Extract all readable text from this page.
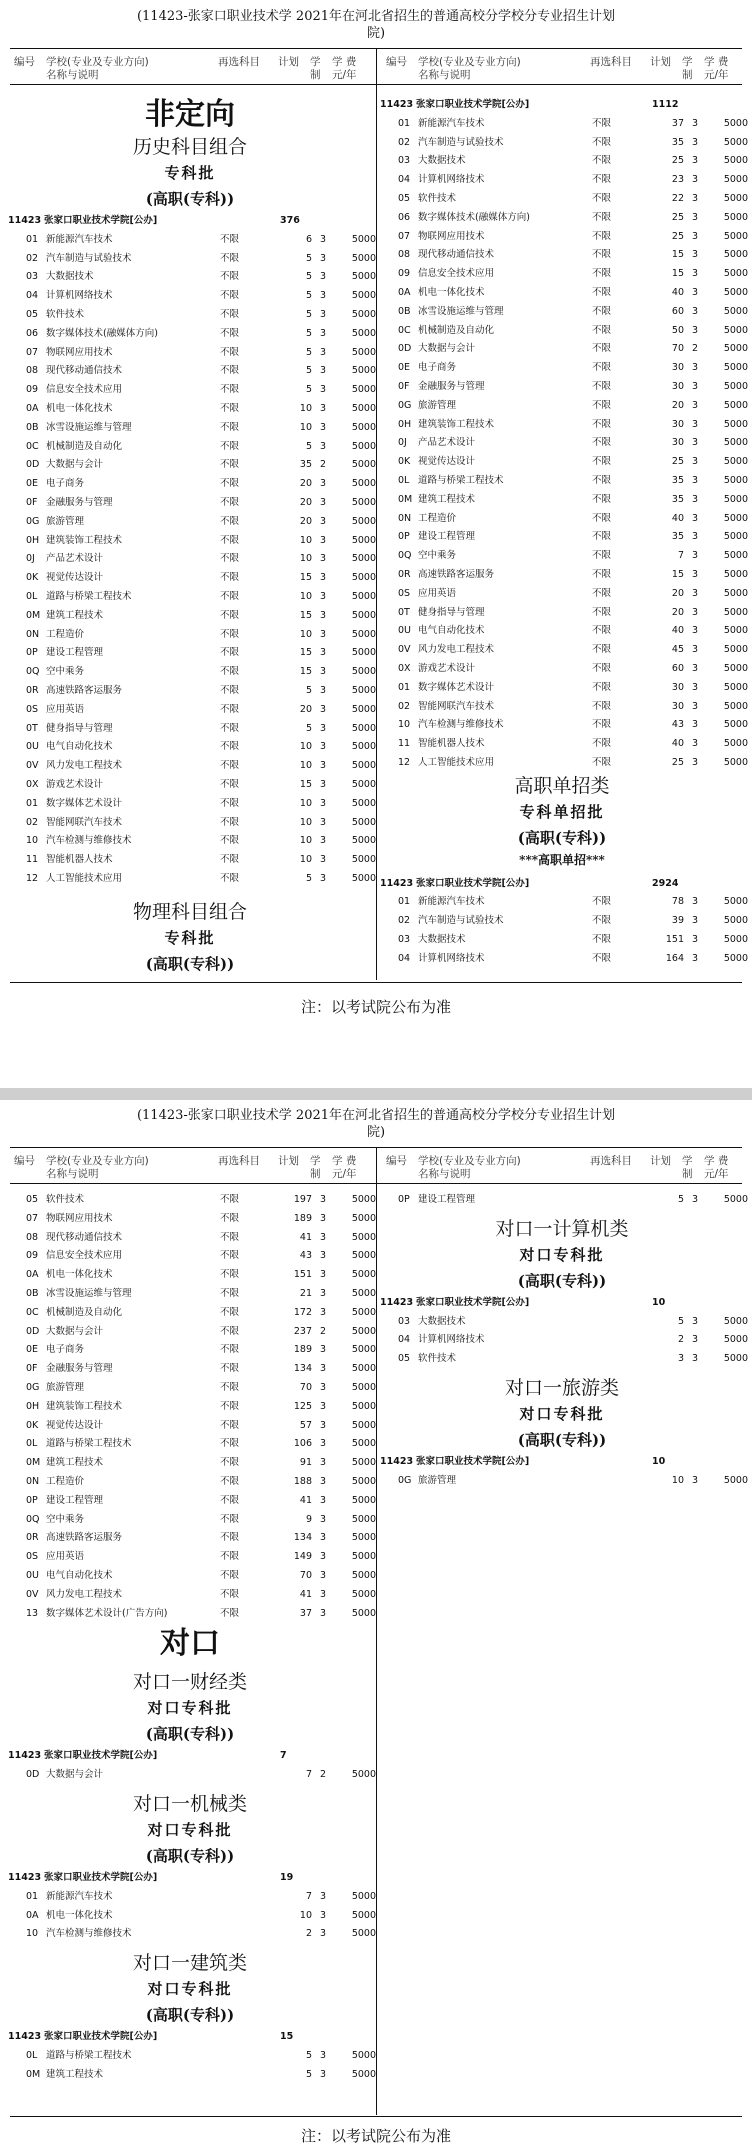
(11423-张家口职业技术学 2021年在河北省招生的普通高校分学校分专业招生计划
院)
编号 学校(专业及专业方向)
名称与说明
再选科目 计划 学
制
学 费
元/年
编号 学校(专业及专业方向)
名称与说明
再选科目 计划 学
制
学 费
元/年
非定向
历史科目组合
专科批
(高职(专科))
11423 张家口职业技术学院[公办]	376
01 新能源汽车技术	不限	6 3	5000
02 汽车制造与试验技术	不限	5 3	5000
03 大数据技术	不限	5 3	5000
04 计算机网络技术	不限	5 3	5000
05 软件技术	不限	5 3	5000
06 数字媒体技术(融媒体方向)	不限	5 3	5000
07 物联网应用技术	不限	5 3	5000
08 现代移动通信技术	不限	5 3	5000
09 信息安全技术应用	不限	5 3	5000
0A 机电一体化技术	不限	10 3	5000
0B 冰雪设施运维与管理	不限	10 3	5000
0C 机械制造及自动化	不限	5 3	5000
0D 大数据与会计	不限	35 2	5000
0E 电子商务	不限	20 3	5000
0F 金融服务与管理	不限	20 3	5000
0G 旅游管理	不限	20 3	5000
0H 建筑装饰工程技术	不限	10 3	5000
0J 产品艺术设计	不限	10 3	5000
0K 视觉传达设计	不限	15 3	5000
0L 道路与桥梁工程技术	不限	10 3	5000
0M 建筑工程技术	不限	15 3	5000
0N 工程造价	不限	10 3	5000
0P 建设工程管理	不限	15 3	5000
0Q 空中乘务	不限	15 3	5000
0R 高速铁路客运服务	不限	5 3	5000
0S 应用英语	不限	20 3	5000
0T 健身指导与管理	不限	5 3	5000
0U 电气自动化技术	不限	10 3	5000
0V 风力发电工程技术	不限	10 3	5000
0X 游戏艺术设计	不限	15 3	5000
01 数字媒体艺术设计	不限	10 3	5000
02 智能网联汽车技术	不限	10 3	5000
10 汽车检测与维修技术	不限	10 3	5000
11 智能机器人技术	不限	10 3	5000
12 人工智能技术应用	不限	5 3	5000
物理科目组合
专科批
(高职(专科))
11423 张家口职业技术学院[公办]	1112
01 新能源汽车技术	不限	37 3	5000
02 汽车制造与试验技术	不限	35 3	5000
03 大数据技术	不限	25 3	5000
04 计算机网络技术	不限	23 3	5000
05 软件技术	不限	22 3	5000
06 数字媒体技术(融媒体方向)	不限	25 3	5000
07 物联网应用技术	不限	25 3	5000
08 现代移动通信技术	不限	15 3	5000
09 信息安全技术应用	不限	15 3	5000
0A 机电一体化技术	不限	40 3	5000
0B 冰雪设施运维与管理	不限	60 3	5000
0C 机械制造及自动化	不限	50 3	5000
0D 大数据与会计	不限	70 2	5000
0E 电子商务	不限	30 3	5000
0F 金融服务与管理	不限	30 3	5000
0G 旅游管理	不限	20 3	5000
0H 建筑装饰工程技术	不限	30 3	5000
0J 产品艺术设计	不限	30 3	5000
0K 视觉传达设计	不限	25 3	5000
0L 道路与桥梁工程技术	不限	35 3	5000
0M 建筑工程技术	不限	35 3	5000
0N 工程造价	不限	40 3	5000
0P 建设工程管理	不限	35 3	5000
0Q 空中乘务	不限	7 3	5000
0R 高速铁路客运服务	不限	15 3	5000
0S 应用英语	不限	20 3	5000
0T 健身指导与管理	不限	20 3	5000
0U 电气自动化技术	不限	40 3	5000
0V 风力发电工程技术	不限	45 3	5000
0X 游戏艺术设计	不限	60 3	5000
01 数字媒体艺术设计	不限	30 3	5000
02 智能网联汽车技术	不限	30 3	5000
10 汽车检测与维修技术	不限	43 3	5000
11 智能机器人技术	不限	40 3	5000
12 人工智能技术应用	不限	25 3	5000
高职单招类
专科单招批
(高职(专科))
***高职单招***
11423 张家口职业技术学院[公办]	2924
01 新能源汽车技术	不限	78 3	5000
02 汽车制造与试验技术	不限	39 3	5000
03 大数据技术	不限	151 3	5000
04 计算机网络技术	不限	164 3	5000
注：以考试院公布为准
(11423-张家口职业技术学 2021年在河北省招生的普通高校分学校分专业招生计划
院)
编号 学校(专业及专业方向)
名称与说明
再选科目 计划 学
制
学 费
元/年
编号 学校(专业及专业方向)
名称与说明
再选科目 计划 学
制
学 费
元/年
05 软件技术	不限	197 3	5000
07 物联网应用技术	不限	189 3	5000
08 现代移动通信技术	不限	41 3	5000
09 信息安全技术应用	不限	43 3	5000
0A 机电一体化技术	不限	151 3	5000
0B 冰雪设施运维与管理	不限	21 3	5000
0C 机械制造及自动化	不限	172 3	5000
0D 大数据与会计	不限	237 2	5000
0E 电子商务	不限	189 3	5000
0F 金融服务与管理	不限	134 3	5000
0G 旅游管理	不限	70 3	5000
0H 建筑装饰工程技术	不限	125 3	5000
0K 视觉传达设计	不限	57 3	5000
0L 道路与桥梁工程技术	不限	106 3	5000
0M 建筑工程技术	不限	91 3	5000
0N 工程造价	不限	188 3	5000
0P 建设工程管理	不限	41 3	5000
0Q 空中乘务	不限	9 3	5000
0R 高速铁路客运服务	不限	134 3	5000
0S 应用英语	不限	149 3	5000
0U 电气自动化技术	不限	70 3	5000
0V 风力发电工程技术	不限	41 3	5000
13 数字媒体艺术设计(广告方向)	不限	37 3	5000
对口
对口一财经类
对口专科批
(高职(专科))
11423 张家口职业技术学院[公办]	7
0D 大数据与会计	7 2	5000
对口一机械类
对口专科批
(高职(专科))
11423 张家口职业技术学院[公办]	19
01 新能源汽车技术	7 3	5000
0A 机电一体化技术	10 3	5000
10 汽车检测与维修技术	2 3	5000
对口一建筑类
对口专科批
(高职(专科))
11423 张家口职业技术学院[公办]	15
0L 道路与桥梁工程技术	5 3	5000
0M 建筑工程技术	5 3	5000
0P 建设工程管理	5 3	5000
对口一计算机类
对口专科批
(高职(专科))
11423 张家口职业技术学院[公办]	10
03 大数据技术	5 3	5000
04 计算机网络技术	2 3	5000
05 软件技术	3 3	5000
对口一旅游类
对口专科批
(高职(专科))
11423 张家口职业技术学院[公办]	10
0G 旅游管理	10 3	5000
注：以考试院公布为准
